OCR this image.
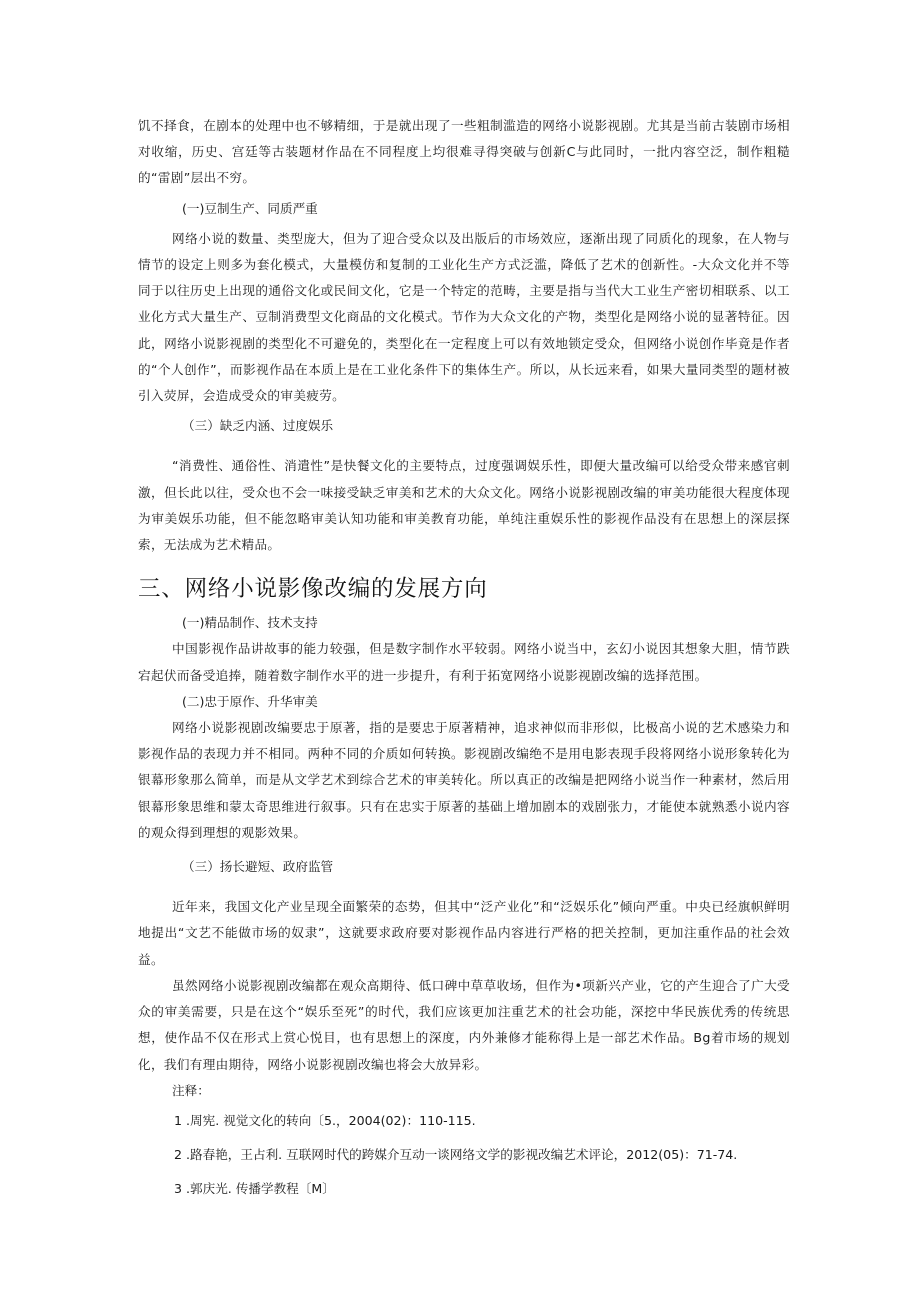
饥不择食，在剧本的处理中也不够精细，于是就出现了一些粗制滥造的网络小说影视剧。尤其是当前古装剧市场相对收缩，历史、宫廷等古装题材作品在不同程度上均很难寻得突破与创新C与此同时，一批内容空泛，制作粗糙的“雷剧”层出不穷。

(一)豆制生产、同质严重

网络小说的数量、类型庞大，但为了迎合受众以及出版后的市场效应，逐渐出现了同质化的现象，在人物与情节的设定上则多为套化模式，大量模仿和复制的工业化生产方式泛滥，降低了艺术的创新性。-大众文化并不等同于以往历史上出现的通俗文化或民间文化，它是一个特定的范畴，主要是指与当代大工业生产密切相联系、以工业化方式大量生产、豆制消费型文化商品的文化模式。节作为大众文化的产物，类型化是网络小说的显著特征。因此，网络小说影视剧的类型化不可避免的，类型化在一定程度上可以有效地锁定受众，但网络小说创作毕竟是作者的“个人创作”，而影视作品在本质上是在工业化条件下的集体生产。所以，从长远来看，如果大量同类型的题材被引入荧屏，会造成受众的审美疲劳。

（三）缺乏内涵、过度娱乐

“消费性、通俗性、消遣性”是快餐文化的主要特点，过度强调娱乐性，即便大量改编可以给受众带来感官刺激，但长此以往，受众也不会一味接受缺乏审美和艺术的大众文化。网络小说影视剧改编的审美功能很大程度体现为审美娱乐功能，但不能忽略审美认知功能和审美教育功能，单纯注重娱乐性的影视作品没有在思想上的深层探索，无法成为艺术精品。

三、网络小说影像改编的发展方向

(一)精品制作、技术支持

中国影视作品讲故事的能力较强，但是数字制作水平较弱。网络小说当中，玄幻小说因其想象大胆，情节跌宕起伏而备受追捧，随着数字制作水平的进一步提升，有利于拓宽网络小说影视剧改编的选择范围。

(二)忠于原作、升华审美

网络小说影视剧改编要忠于原著，指的是要忠于原著精神，追求神似而非形似，比极高小说的艺术感染力和影视作品的表现力并不相同。两种不同的介质如何转换。影视剧改编绝不是用电影表现手段将网络小说形象转化为银幕形象那么简单，而是从文学艺术到综合艺术的审美转化。所以真正的改编是把网络小说当作一种素材，然后用银幕形象思维和蒙太奇思维进行叙事。只有在忠实于原著的基础上增加剧本的戏剧张力，才能使本就熟悉小说内容的观众得到理想的观影效果。

（三）扬长避短、政府监管

近年来，我国文化产业呈现全面繁荣的态势，但其中“泛产业化”和“泛娱乐化”倾向严重。中央已经旗帜鲜明地提出“文艺不能做市场的奴隶”，这就要求政府要对影视作品内容进行严格的把关控制，更加注重作品的社会效益。

虽然网络小说影视剧改编都在观众高期待、低口碑中草草收场，但作为•项新兴产业，它的产生迎合了广大受众的审美需要，只是在这个“娱乐至死”的时代，我们应该更加注重艺术的社会功能，深挖中华民族优秀的传统思想，使作品不仅在形式上赏心悦目，也有思想上的深度，内外兼修才能称得上是一部艺术作品。Bg着市场的规划化，我们有理由期待，网络小说影视剧改编也将会大放异彩。

注释：

1 .周宪. 视觉文化的转向〔5.，2004(02)：110-115.

2 .路春艳，王占利. 互联网时代的跨媒介互动一谈网络文学的影视改编艺术评论，2012(05)：71-74.

3 .郭庆光. 传播学教程〔M〕
